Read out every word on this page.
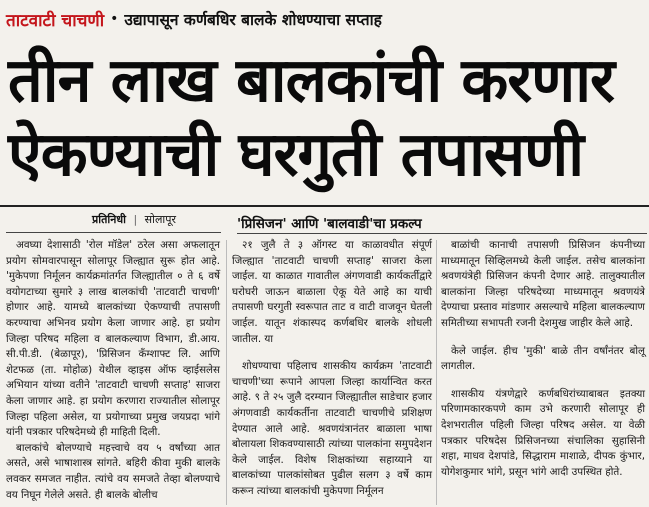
ताटवाटी चाचणी • उद्यापासून कर्णबधिर बालके शोधण्याचा सप्ताह
तीन लाख बालकांची करणार
ऐकण्याची घरगुती तपासणी
प्रतिनिधी | सोलापूर	'प्रिसिजन' आणि 'बालवाडी'चा प्रकल्प

अवघ्या देशासाठी 'रोल मॉडेल' ठरेल असा अफलातून प्रयोग सोमवारपासून सोलापूर जिल्ह्यात सुरू होत आहे. 'मुकेपणा निर्मूलन कार्यक्रमांतर्गत जिल्ह्यातील ० ते ६ वर्षे वयोगटाच्या सुमारे ३ लाख बालकांची 'ताटवाटी चाचणी' होणार आहे. यामध्ये बालकांच्या ऐकण्याची तपासणी करण्याचा अभिनव प्रयोग केला जाणार आहे. हा प्रयोग जिल्हा परिषद महिला व बालकल्याण विभाग, डी.आय. सी.पी.डी. (बेळापूर), 'प्रिसिजन कँम्शाफ्ट लि. आणि शेटफळ (ता. मोहोळ) येथील व्हाइस ऑफ व्हाईसलेस अभियान यांच्या वतीने 'ताटवाटी चाचणी सप्ताह' साजरा केला जाणार आहे. हा प्रयोग करणारा राज्यातील सोलापूर जिल्हा पहिला असेल, या प्रयोगाच्या प्रमुख जयप्रदा भांगे यांनी पत्रकार परिषदेमध्ये ही माहिती दिली.

बालकांचे बोलण्याचे महत्त्वाचे वय ५ वर्षांच्या आत असते, असे भाषाशास्त्र सांगते. बहिरी कीवा मुकी बालके लवकर समजत नाहीत. त्यांचे वय समजते तेव्हा बोलण्याचे वय निघून गेलेले असते. ही बालके बोलीच

२१ जुलै ते ३ ऑगस्ट या काळावधीत संपूर्ण जिल्ह्यात 'ताटवाटी चाचणी सप्ताह' साजरा केला जाईल. या काळात गावातील अंगणवाडी कार्यकर्तीद्वारे घरोघरी जाऊन बाळाला ऐकू येते आहे का याची तपासणी घरगुती स्वरूपात ताट व वाटी वाजवून घेतली जाईल. यातून शंकास्पद कर्णबधिर बालके शोधली जातील. या

शोधण्याचा पहिलाच शासकीय कार्यक्रम 'ताटवाटी चाचणी'च्या रूपाने आपला जिल्हा कार्यान्वित करत आहे. ९ ते २५ जुलै दरम्यान जिल्ह्यातील साडेचार हजार अंगणवाडी कार्यकर्तीना ताटवाटी चाचणीचे प्रशिक्षण देण्यात आले आहे. श्रवणयंत्रानंतर बाळाला भाषा बोलायला शिकवण्यासाठी त्यांच्या पालकांना समुपदेशन केले जाईल. विशेष शिक्षकांच्या सहाय्याने या बालकांच्या पालकांसोबत पुढील सलग ३ वर्षे काम करून त्यांच्या बालकांची मुकेपणा निर्मूलन

बाळांची कानाची तपासणी प्रिसिजन कंपनीच्या माध्यमातून सिव्हिलमध्ये केली जाईल. तसेच बालकांना श्रवणयंत्रेही प्रिसिजन कंपनी देणार आहे. तालुक्यातील बालकांना जिल्हा परिषदेच्या माध्यमातून श्रवणयंत्रे देण्याचा प्रस्ताव मांडणार असल्याचे महिला बालकल्याण समितीच्या सभापती रजनी देशमुख जाहीर केले आहे.

केले जाईल. हीच 'मुकी' बाळे तीन वर्षांनंतर बोलू लागतील.

शासकीय यंत्रणेद्वारे कर्णबधिरांच्याबाबत इतक्या परिणामकारकपणे काम उभे करणारी सोलापूर ही देशभरातील पहिली जिल्हा परिषद असेल. या वेळी पत्रकार परिषदेस प्रिसिजनच्या संचालिका सुहासिनी शहा, माधव देशपांडे, सिद्धाराम माशाळे, दीपक कुंभार, योगेशकुमार भांगे, प्रसून भांगे आदी उपस्थित होते.
